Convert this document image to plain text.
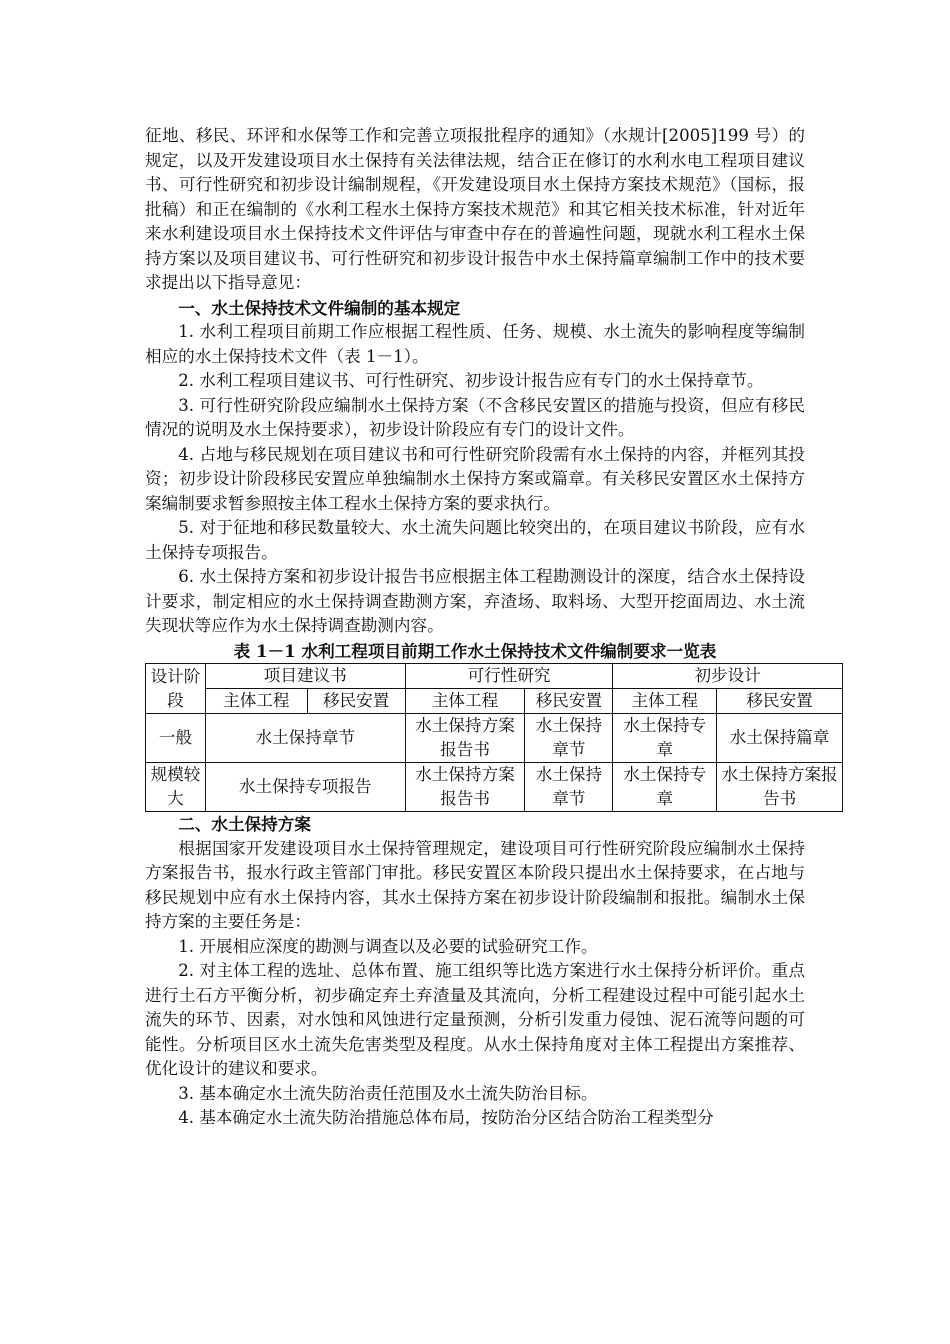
征地、移民、环评和水保等工作和完善立项报批程序的通知》（水规计[2005]199 号）的规定，以及开发建设项目水土保持有关法律法规，结合正在修订的水利水电工程项目建议书、可行性研究和初步设计编制规程，《开发建设项目水土保持方案技术规范》（国标，报批稿）和正在编制的《水利工程水土保持方案技术规范》和其它相关技术标准，针对近年来水利建设项目水土保持技术文件评估与审查中存在的普遍性问题，现就水利工程水土保持方案以及项目建议书、可行性研究和初步设计报告中水土保持篇章编制工作中的技术要求提出以下指导意见：

一、水土保持技术文件编制的基本规定

1. 水利工程项目前期工作应根据工程性质、任务、规模、水土流失的影响程度等编制相应的水土保持技术文件（表 1－1）。

2. 水利工程项目建议书、可行性研究、初步设计报告应有专门的水土保持章节。

3. 可行性研究阶段应编制水土保持方案（不含移民安置区的措施与投资，但应有移民情况的说明及水土保持要求），初步设计阶段应有专门的设计文件。

4. 占地与移民规划在项目建议书和可行性研究阶段需有水土保持的内容，并框列其投资；初步设计阶段移民安置应单独编制水土保持方案或篇章。有关移民安置区水土保持方案编制要求暂参照按主体工程水土保持方案的要求执行。

5. 对于征地和移民数量较大、水土流失问题比较突出的，在项目建议书阶段，应有水土保持专项报告。

6. 水土保持方案和初步设计报告书应根据主体工程勘测设计的深度，结合水土保持设计要求，制定相应的水土保持调查勘测方案，弃渣场、取料场、大型开挖面周边、水土流失现状等应作为水土保持调查勘测内容。

表 1－1 水利工程项目前期工作水土保持技术文件编制要求一览表

设计阶段	项目建议书		可行性研究		初步设计	
	主体工程	移民安置	主体工程	移民安置	主体工程	移民安置
一般	水土保持章节		水土保持方案报告书	水土保持章节	水土保持专章	水土保持篇章
规模较大	水土保持专项报告		水土保持方案报告书	水土保持章节	水土保持专章	水土保持方案报告书

二、水土保持方案

根据国家开发建设项目水土保持管理规定，建设项目可行性研究阶段应编制水土保持方案报告书，报水行政主管部门审批。移民安置区本阶段只提出水土保持要求，在占地与移民规划中应有水土保持内容，其水土保持方案在初步设计阶段编制和报批。编制水土保持方案的主要任务是：

1. 开展相应深度的勘测与调查以及必要的试验研究工作。

2. 对主体工程的选址、总体布置、施工组织等比选方案进行水土保持分析评价。重点进行土石方平衡分析，初步确定弃土弃渣量及其流向，分析工程建设过程中可能引起水土流失的环节、因素，对水蚀和风蚀进行定量预测，分析引发重力侵蚀、泥石流等问题的可能性。分析项目区水土流失危害类型及程度。从水土保持角度对主体工程提出方案推荐、优化设计的建议和要求。

3. 基本确定水土流失防治责任范围及水土流失防治目标。

4. 基本确定水土流失防治措施总体布局，按防治分区结合防治工程类型分
